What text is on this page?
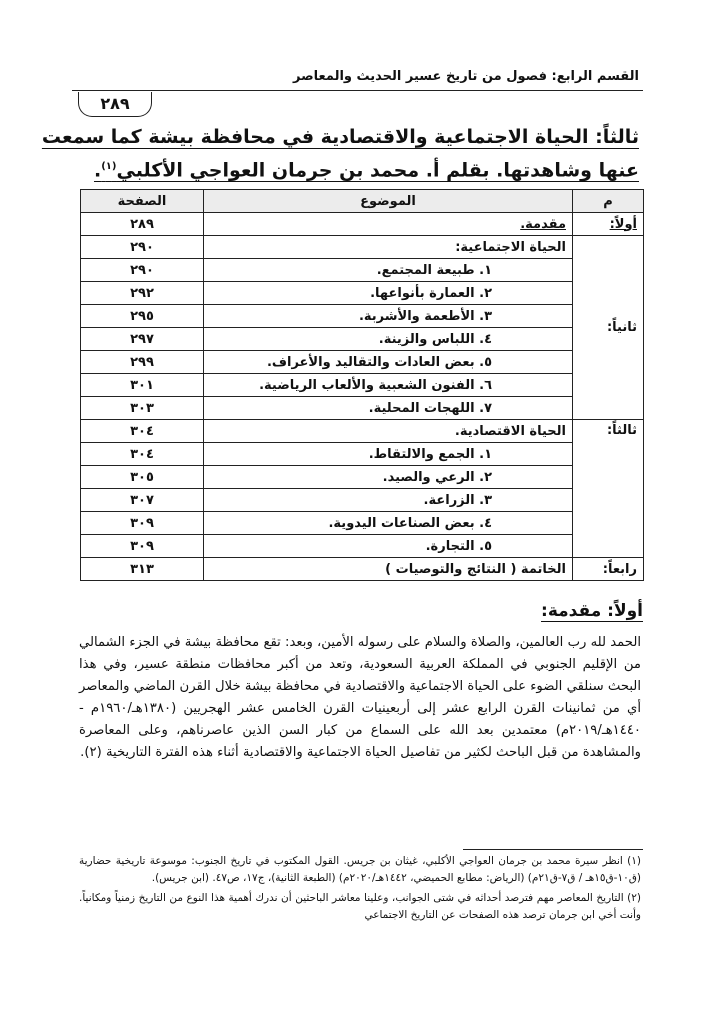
القسم الرابع: فصول من تاريخ عسير الحديث والمعاصر
٢٨٩
ثالثاً: الحياة الاجتماعية والاقتصادية في محافظة بيشة كما سمعت
عنها وشاهدتها. بقلم أ. محمد بن جرمان العواجي الأكلبي$^{(١)}$.
م	الموضوع	الصفحة
أولاً:	مقدمة.	٢٨٩
ثانياً:	الحياة الاجتماعية:	٢٩٠
	١. طبيعة المجتمع.	٢٩٠
	٢. العمارة بأنواعها.	٢٩٢
	٣. الأطعمة والأشربة.	٢٩٥
	٤. اللباس والزينة.	٢٩٧
	٥. بعض العادات والتقاليد والأعراف.	٢٩٩
	٦. الفنون الشعبية والألعاب الرياضية.	٣٠١
	٧. اللهجات المحلية.	٣٠٣
ثالثاً:	الحياة الاقتصادية.	٣٠٤
	١. الجمع والالتقاط.	٣٠٤
	٢. الرعي والصيد.	٣٠٥
	٣. الزراعة.	٣٠٧
	٤. بعض الصناعات اليدوية.	٣٠٩
	٥. التجارة.	٣٠٩
رابعاً:	الخاتمة ( النتائج والتوصيات )	٣١٣
أولاً: مقدمة:
الحمد لله رب العالمين، والصلاة والسلام على رسوله الأمين، وبعد: تقع محافظة بيشة في الجزء الشمالي من الإقليم الجنوبي في المملكة العربية السعودية، وتعد من أكبر محافظات منطقة عسير، وفي هذا البحث سنلقي الضوء على الحياة الاجتماعية والاقتصادية في محافظة بيشة خلال القرن الماضي والمعاصر أي من ثمانينات القرن الرابع عشر إلى أربعينيات القرن الخامس عشر الهجريين (١٣٨٠هـ/١٩٦٠م - ١٤٤٠هـ/٢٠١٩م) معتمدين بعد الله على السماع من كبار السن الذين عاصرناهم، وعلى المعاصرة والمشاهدة من قبل الباحث لكثير من تفاصيل الحياة الاجتماعية والاقتصادية أثناء هذه الفترة التاريخية (٢).

(١) انظر سيرة محمد بن جرمان العواجي الأكلبي، غيثان بن جريس. القول المكتوب في تاريخ الجنوب: موسوعة تاريخية حضارية (ق١٠-ق١٥هـ / ق٧-ق٢١م) (الرياض: مطابع الحميضي، ١٤٤٢هـ/٢٠٢٠م) (الطبعة الثانية)، ج١٧، ص٤٧. (ابن جريس).

(٢) التاريخ المعاصر مهم فترصد أحداثه في شتى الجوانب، وعلينا معاشر الباحثين أن ندرك أهمية هذا النوع من التاريخ زمنياً ومكانياً. وأنت أخي ابن جرمان ترصد هذه الصفحات عن التاريخ الاجتماعي
